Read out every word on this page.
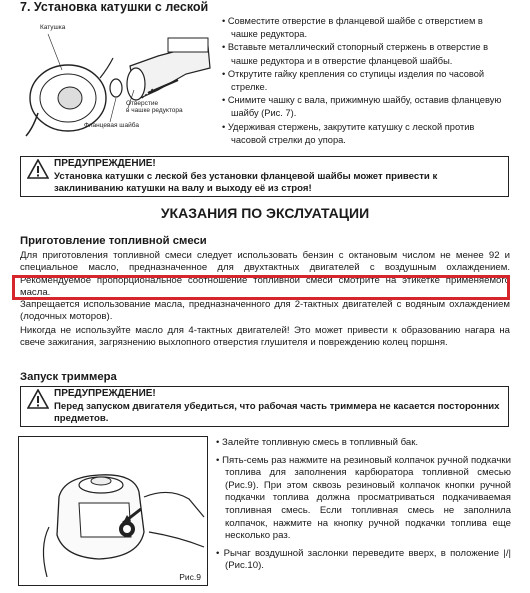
7. Установка катушки с леской
Катушка
Отверстие
в чашке редуктора
Фланцевая шайба

• Совместите отверстие в фланцевой шайбе с отверстием в чашке редуктора.

• Вставьте металлический стопорный стержень в отверстие в чашке редуктора и в отверстие фланцевой шайбы.

• Открутите гайку крепления со ступицы изделия по часовой стрелке.

• Снимите чашку с вала, прижимную шайбу, оставив фланцевую шайбу (Рис. 7).

• Удерживая стержень, закрутите катушку с леской против часовой стрелки до упора.

ПРЕДУПРЕЖДЕНИЕ!
Установка катушки с леской без установки фланцевой шайбы может привести к заклиниванию катушки на валу и выходу её из строя!
УКАЗАНИЯ ПО ЭКСЛУАТАЦИИ
Приготовление топливной смеси
Для приготовления топливной смеси следует использовать бензин с октановым числом не менее 92 и специальное масло, предназначенное для двухтактных двигателей с воздушным охлаждением. Рекомендуемое пропорциональное соотношение топливной смеси смотрите на этикетке применяемого масла.
Запрещается использование масла, предназначенного для 2-тактных двигателей с водяным охлаждением (лодочных моторов).
Никогда не используйте масло для 4-тактных двигателей! Это может привести к образованию нагара на свече зажигания, загрязнению выхлопного отверстия глушителя и повреждению колец поршня.
Запуск триммера
ПРЕДУПРЕЖДЕНИЕ!
Перед запуском двигателя убедиться, что рабочая часть триммера не касается посторонних предметов.
Рис.9

• Залейте топливную смесь в топливный бак.

• Пять-семь раз нажмите на резиновый колпачок ручной подкачки топлива для заполнения карбюратора топливной смесью (Рис.9). При этом сквозь резиновый колпачок кнопки ручной подкачки топлива должна просматриваться подкачиваемая топливная смесь. Если топливная смесь не заполнила колпачок, нажмите на кнопку ручной подкачки топлива еще несколько раз.

• Рычаг воздушной заслонки переведите вверх, в положение |/| (Рис.10).
